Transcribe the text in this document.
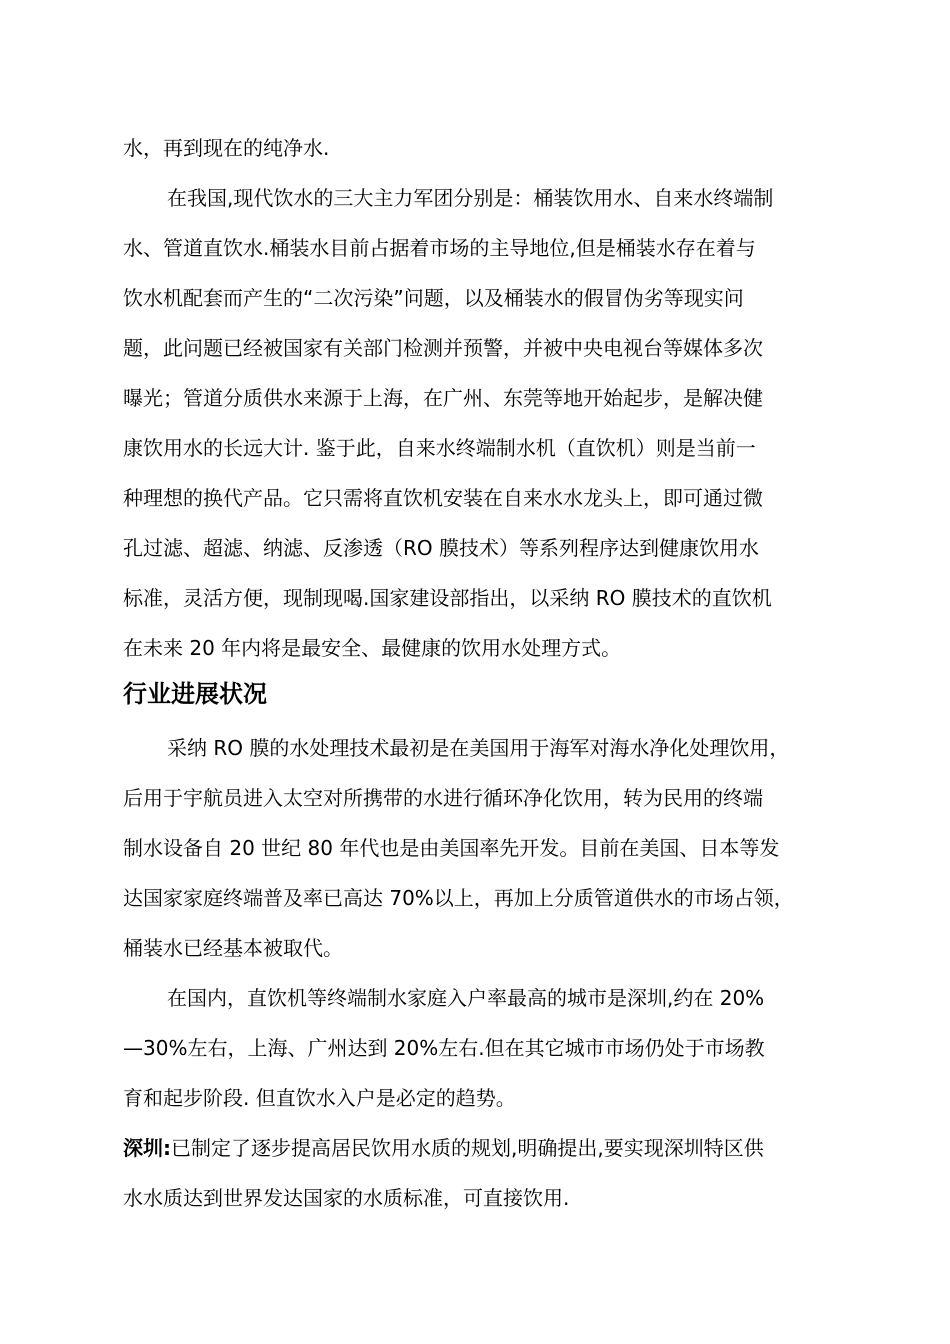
水，再到现在的纯净水.
在我国,现代饮水的三大主力军团分别是：桶装饮用水、自来水终端制
水、管道直饮水.桶装水目前占据着市场的主导地位,但是桶装水存在着与
饮水机配套而产生的“二次污染”问题，以及桶装水的假冒伪劣等现实问
题，此问题已经被国家有关部门检测并预警，并被中央电视台等媒体多次
曝光；管道分质供水来源于上海，在广州、东莞等地开始起步，是解决健
康饮用水的长远大计. 鉴于此，自来水终端制水机（直饮机）则是当前一
种理想的换代产品。它只需将直饮机安装在自来水水龙头上，即可通过微
孔过滤、超滤、纳滤、反渗透（RO 膜技术）等系列程序达到健康饮用水
标准，灵活方便，现制现喝.国家建设部指出，以采纳 RO 膜技术的直饮机
在未来 20 年内将是最安全、最健康的饮用水处理方式。
行业进展状况
采纳 RO 膜的水处理技术最初是在美国用于海军对海水净化处理饮用，
后用于宇航员进入太空对所携带的水进行循环净化饮用，转为民用的终端
制水设备自 20 世纪 80 年代也是由美国率先开发。目前在美国、日本等发
达国家家庭终端普及率已高达 70%以上，再加上分质管道供水的市场占领，
桶装水已经基本被取代。
在国内，直饮机等终端制水家庭入户率最高的城市是深圳,约在 20%
—30%左右，上海、广州达到 20%左右.但在其它城市市场仍处于市场教
育和起步阶段. 但直饮水入户是必定的趋势。
深圳:已制定了逐步提高居民饮用水质的规划,明确提出,要实现深圳特区供
水水质达到世界发达国家的水质标准，可直接饮用.
